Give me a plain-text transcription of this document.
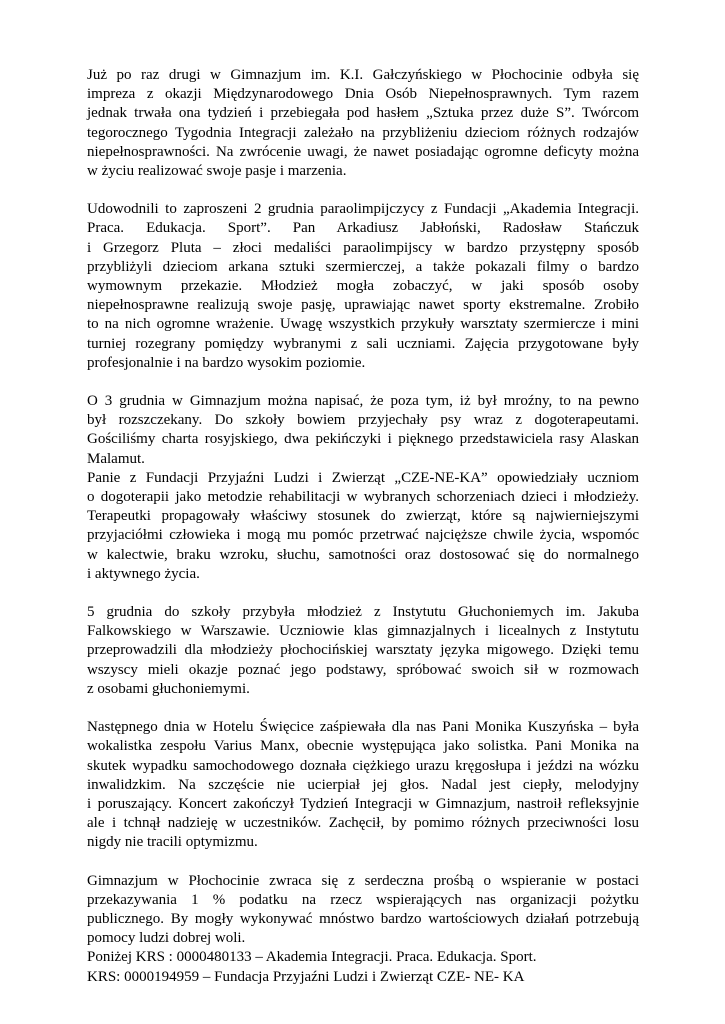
Już po raz drugi w Gimnazjum im. K.I. Gałczyńskiego w Płochocinie odbyła się
impreza z okazji Międzynarodowego Dnia Osób Niepełnosprawnych. Tym razem
jednak trwała ona tydzień i przebiegała pod hasłem „Sztuka przez duże S”. Twórcom
tegorocznego Tygodnia Integracji zależało na przybliżeniu dzieciom różnych rodzajów
niepełnosprawności. Na zwrócenie uwagi, że nawet posiadając ogromne deficyty można
w życiu realizować swoje pasje i marzenia.
Udowodnili to zaproszeni 2 grudnia paraolimpijczycy z Fundacji „Akademia Integracji.
Praca. Edukacja. Sport”. Pan Arkadiusz Jabłoński, Radosław Stańczuk
i Grzegorz Pluta – złoci medaliści paraolimpijscy w bardzo przystępny sposób
przybliżyli dzieciom arkana sztuki szermierczej, a także pokazali filmy o bardzo
wymownym przekazie. Młodzież mogła zobaczyć, w jaki sposób osoby
niepełnosprawne realizują swoje pasję, uprawiając nawet sporty ekstremalne. Zrobiło
to na nich ogromne wrażenie. Uwagę wszystkich przykuły warsztaty szermiercze i mini
turniej rozegrany pomiędzy wybranymi z sali uczniami. Zajęcia przygotowane były
profesjonalnie i na bardzo wysokim poziomie.
O 3 grudnia w Gimnazjum można napisać, że poza tym, iż był mroźny, to na pewno
był rozszczekany. Do szkoły bowiem przyjechały psy wraz z dogoterapeutami.
Gościliśmy charta rosyjskiego, dwa pekińczyki i pięknego przedstawiciela rasy Alaskan
Malamut.
Panie z Fundacji Przyjaźni Ludzi i Zwierząt „CZE-NE-KA” opowiedziały uczniom
o dogoterapii jako metodzie rehabilitacji w wybranych schorzeniach dzieci i młodzieży.
Terapeutki propagowały właściwy stosunek do zwierząt, które są najwierniejszymi
przyjaciółmi człowieka i mogą mu pomóc przetrwać najcięższe chwile życia, wspomóc
w kalectwie, braku wzroku, słuchu, samotności oraz dostosować się do normalnego
i aktywnego życia.
5 grudnia do szkoły przybyła młodzież z Instytutu Głuchoniemych im. Jakuba
Falkowskiego w Warszawie. Uczniowie klas gimnazjalnych i licealnych z Instytutu
przeprowadzili dla młodzieży płochocińskiej warsztaty języka migowego. Dzięki temu
wszyscy mieli okazje poznać jego podstawy, spróbować swoich sił w rozmowach
z osobami głuchoniemymi.
Następnego dnia w Hotelu Święcice zaśpiewała dla nas Pani Monika Kuszyńska – była
wokalistka zespołu Varius Manx, obecnie występująca jako solistka. Pani Monika na
skutek wypadku samochodowego doznała ciężkiego urazu kręgosłupa i jeździ na wózku
inwalidzkim. Na szczęście nie ucierpiał jej głos. Nadal jest ciepły, melodyjny
i poruszający. Koncert zakończył Tydzień Integracji w Gimnazjum, nastroił refleksyjnie
ale i tchnął nadzieję w uczestników. Zachęcił, by pomimo różnych przeciwności losu
nigdy nie tracili optymizmu.
Gimnazjum w Płochocinie zwraca się z serdeczna prośbą o wspieranie w postaci
przekazywania 1 % podatku na rzecz wspierających nas organizacji pożytku
publicznego. By mogły wykonywać mnóstwo bardzo wartościowych działań potrzebują
pomocy ludzi dobrej woli.
Poniżej KRS : 0000480133 – Akademia Integracji. Praca. Edukacja. Sport.
KRS: 0000194959 – Fundacja Przyjaźni Ludzi i Zwierząt CZE- NE- KA
